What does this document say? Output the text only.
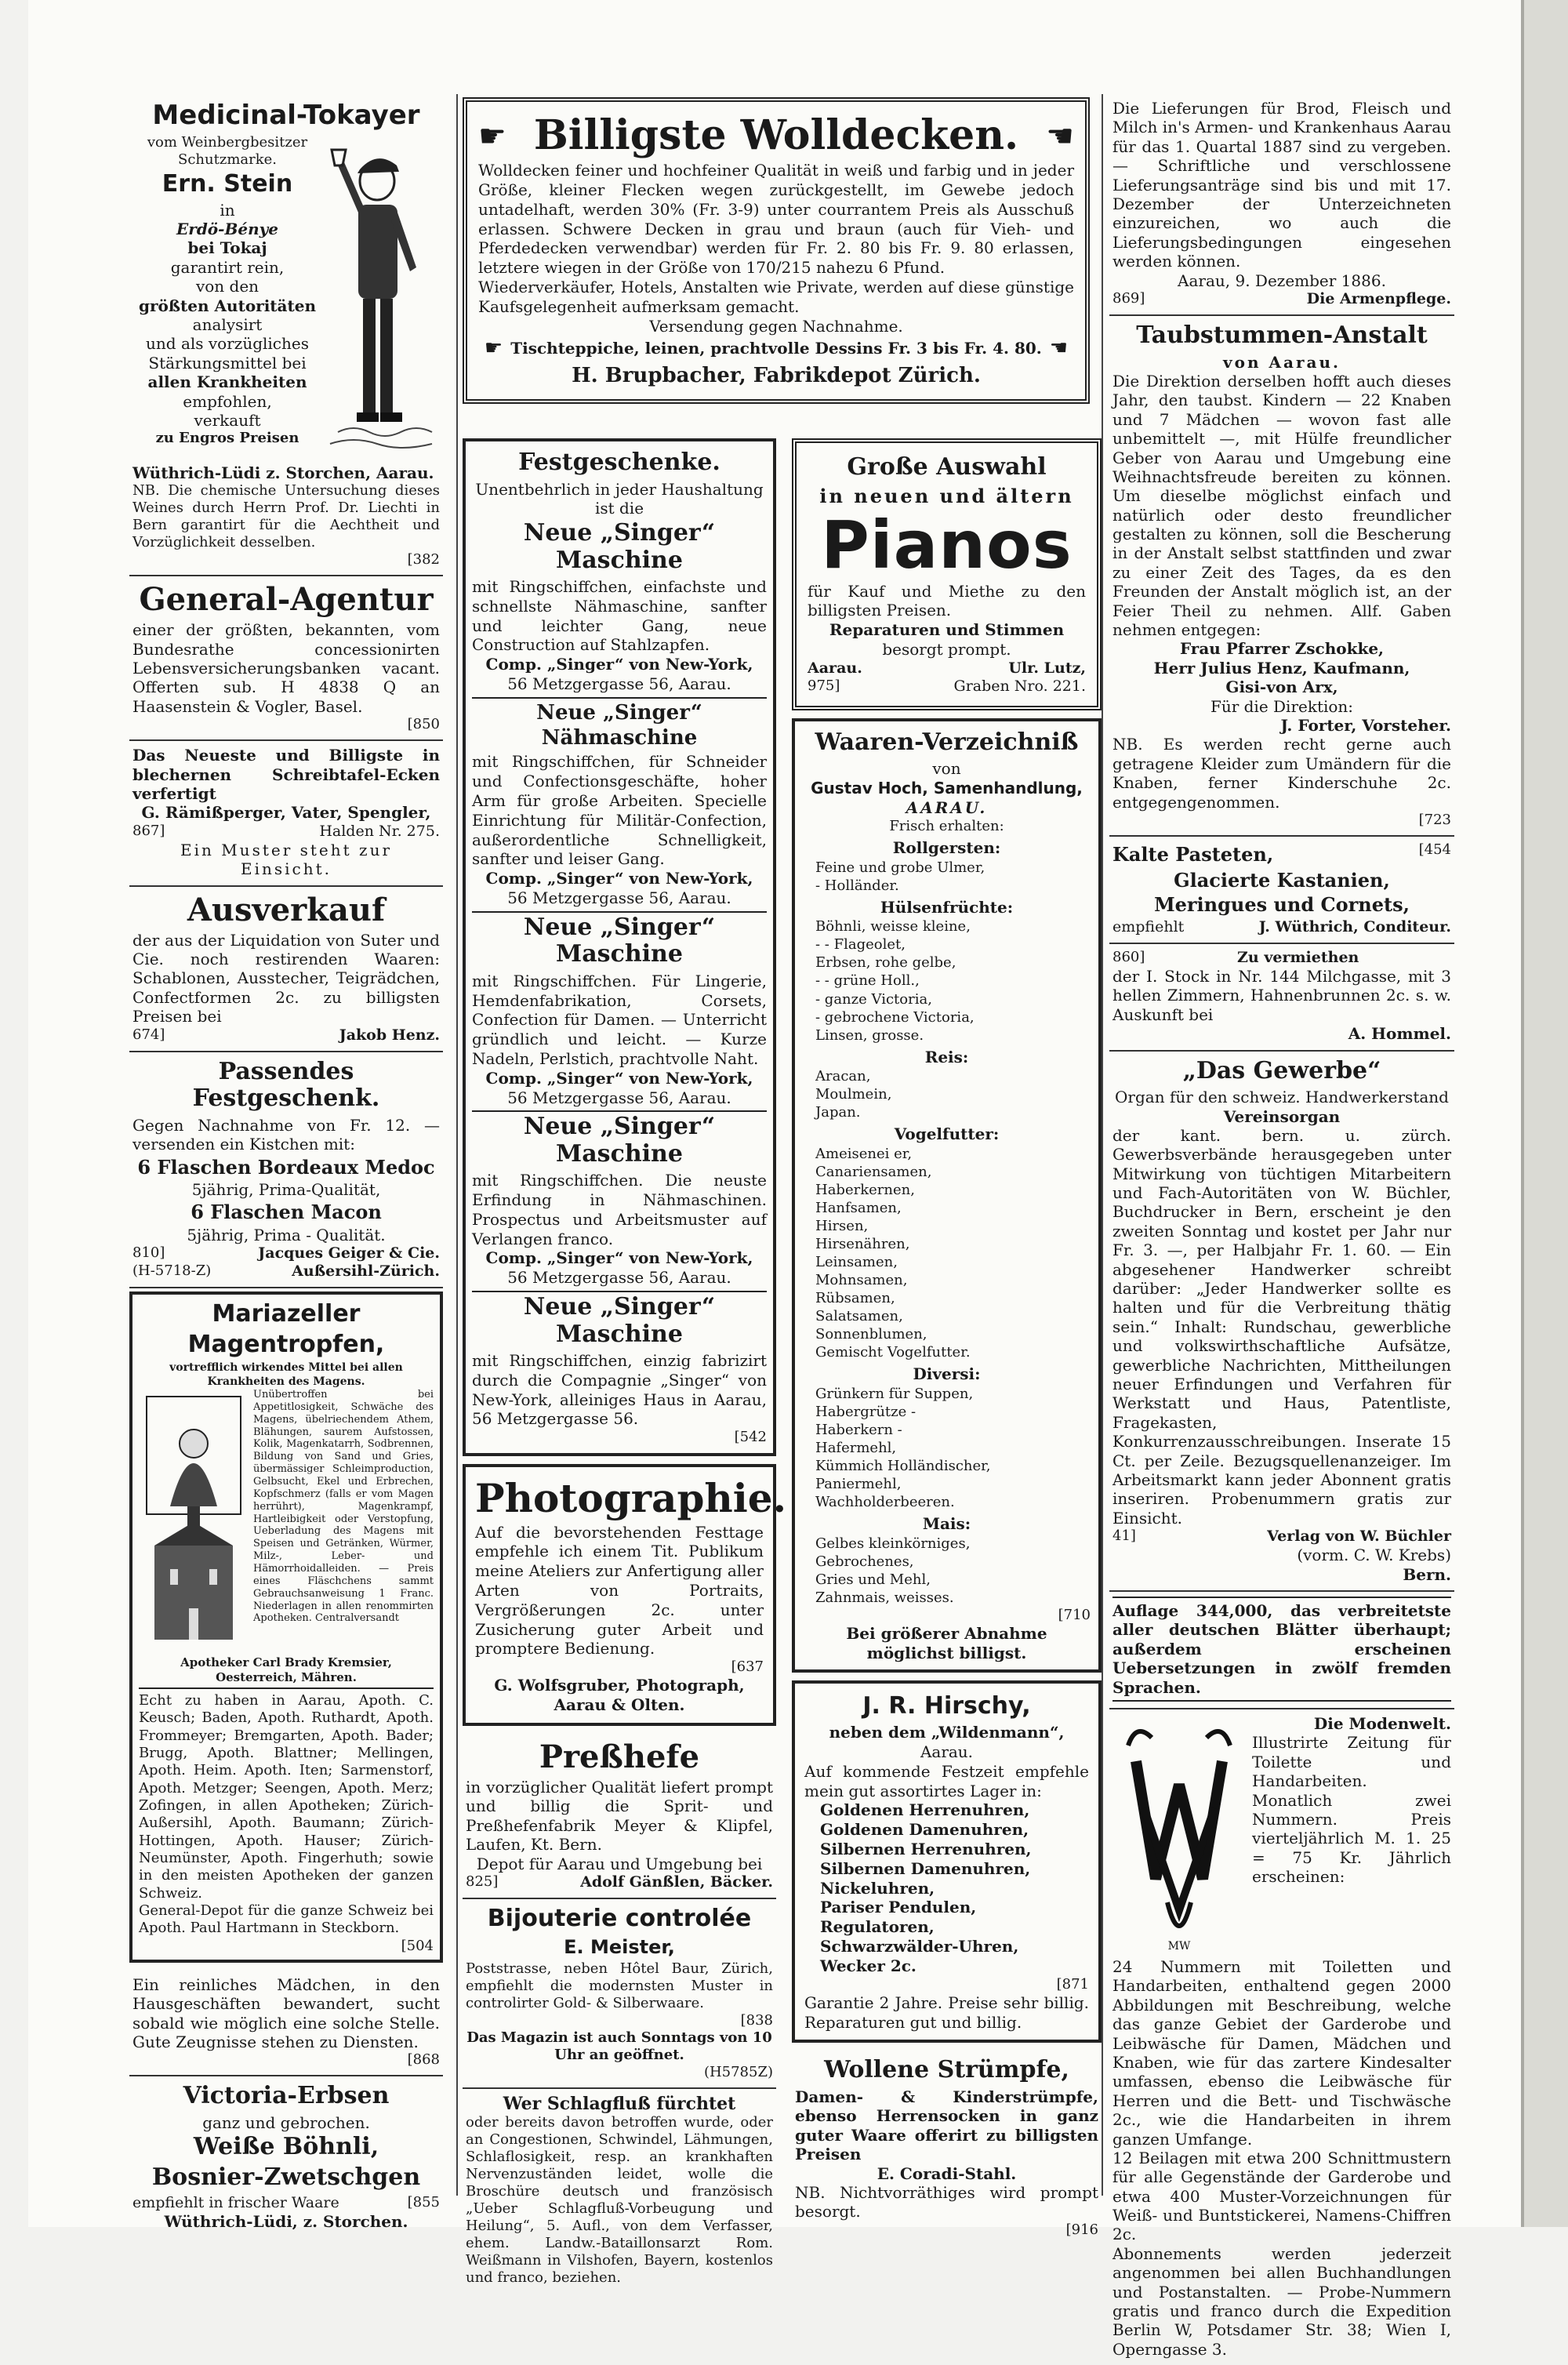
Medicinal-Tokayer
vom Weinbergbesitzer Schutzmarke.
Ern. Stein
in
Erdö-Bénye
bei Tokaj
garantirt rein,
von den
größten Autoritäten
analysirt
und als vorzügliches
Stärkungsmittel bei
allen Krankheiten
empfohlen,
verkauft
zu Engros Preisen
Wüthrich-Lüdi z. Storchen, Aarau.
NB. Die chemische Untersuchung dieses Weines durch Herrn Prof. Dr. Liechti in Bern garantirt für die Aechtheit und Vorzüglichkeit desselben.
[382
General-Agentur
einer der größten, bekannten, vom Bundesrathe concessionirten Lebensversicherungsbanken vacant. Offerten sub. H 4838 Q an Haasenstein & Vogler, Basel.
[850
Das Neueste und Billigste in blechernen Schreibtafel-Ecken verfertigt
G. Rämißperger, Vater, Spengler,
867]	Halden Nr. 275.
Ein Muster steht zur Einsicht.
Ausverkauf
der aus der Liquidation von Suter und Cie. noch restirenden Waaren: Schablonen, Ausstecher, Teigrädchen, Confectformen 2c. zu billigsten Preisen bei
674]	Jakob Henz.
Passendes Festgeschenk.
Gegen Nachnahme von Fr. 12. — versenden ein Kistchen mit:
6 Flaschen Bordeaux Medoc
5jährig, Prima-Qualität,
6 Flaschen Macon
5jährig, Prima - Qualität.
810]	Jacques Geiger & Cie.
(H-5718-Z)	Außersihl-Zürich.
Mariazeller
Magentropfen,
vortrefflich wirkendes Mittel bei allen Krankheiten des Magens.
Unübertroffen bei Appetitlosigkeit, Schwäche des Magens, übelriechendem Athem, Blähungen, saurem Aufstossen, Kolik, Magenkatarrh, Sodbrennen, Bildung von Sand und Gries, übermässiger Schleimproduction, Gelbsucht, Ekel und Erbrechen, Kopfschmerz (falls er vom Magen herrührt), Magenkrampf, Hartleibigkeit oder Verstopfung, Ueberladung des Magens mit Speisen und Getränken, Würmer, Milz-, Leber- und Hämorrhoidalleiden. — Preis eines Fläschchens sammt Gebrauchsanweisung 1 Franc. Niederlagen in allen renommirten Apotheken. Centralversandt
Apotheker Carl Brady Kremsier, Oesterreich, Mähren.
Echt zu haben in Aarau, Apoth. C. Keusch; Baden, Apoth. Ruthardt, Apoth. Frommeyer; Bremgarten, Apoth. Bader; Brugg, Apoth. Blattner; Mellingen, Apoth. Heim. Apoth. Iten; Sarmenstorf, Apoth. Metzger; Seengen, Apoth. Merz; Zofingen, in allen Apotheken; Zürich-Außersihl, Apoth. Baumann; Zürich-Hottingen, Apoth. Hauser; Zürich-Neumünster, Apoth. Fingerhuth; sowie in den meisten Apotheken der ganzen Schweiz.
General-Depot für die ganze Schweiz bei Apoth. Paul Hartmann in Steckborn.
[504
Ein reinliches Mädchen, in den Hausgeschäften bewandert, sucht sobald wie möglich eine solche Stelle. Gute Zeugnisse stehen zu Diensten.
[868
Victoria-Erbsen
ganz und gebrochen.
Weiße Böhnli,
Bosnier-Zwetschgen
empfiehlt in frischer Waare	[855
Wüthrich-Lüdi, z. Storchen.
☛ Billigste Wolldecken. ☚
Wolldecken feiner und hochfeiner Qualität in weiß und farbig und in jeder Größe, kleiner Flecken wegen zurückgestellt, im Gewebe jedoch untadelhaft, werden 30% (Fr. 3-9) unter courrantem Preis als Ausschuß erlassen. Schwere Decken in grau und braun (auch für Vieh- und Pferdedecken verwendbar) werden für Fr. 2. 80 bis Fr. 9. 80 erlassen, letztere wiegen in der Größe von 170/215 nahezu 6 Pfund.
Wiederverkäufer, Hotels, Anstalten wie Private, werden auf diese günstige Kaufsgelegenheit aufmerksam gemacht.
Versendung gegen Nachnahme.
☛ Tischteppiche, leinen, prachtvolle Dessins Fr. 3 bis Fr. 4. 80. ☚
H. Brupbacher, Fabrikdepot Zürich.
Festgeschenke.
Unentbehrlich in jeder Haushaltung ist die
Neue „Singer“ Maschine
mit Ringschiffchen, einfachste und schnellste Nähmaschine, sanfter und leichter Gang, neue Construction auf Stahlzapfen.
Comp. „Singer“ von New-York,
56 Metzgergasse 56, Aarau.
Neue „Singer“ Nähmaschine
mit Ringschiffchen, für Schneider und Confectionsgeschäfte, hoher Arm für große Arbeiten. Specielle Einrichtung für Militär-Confection, außerordentliche Schnelligkeit, sanfter und leiser Gang.
Comp. „Singer“ von New-York,
56 Metzgergasse 56, Aarau.
Neue „Singer“ Maschine
mit Ringschiffchen. Für Lingerie, Hemdenfabrikation, Corsets, Confection für Damen. — Unterricht gründlich und leicht. — Kurze Nadeln, Perlstich, prachtvolle Naht.
Comp. „Singer“ von New-York,
56 Metzgergasse 56, Aarau.
Neue „Singer“ Maschine
mit Ringschiffchen. Die neuste Erfindung in Nähmaschinen. Prospectus und Arbeitsmuster auf Verlangen franco.
Comp. „Singer“ von New-York,
56 Metzgergasse 56, Aarau.
Neue „Singer“ Maschine
mit Ringschiffchen, einzig fabrizirt durch die Compagnie „Singer“ von New-York, alleiniges Haus in Aarau, 56 Metzgergasse 56.
[542
Photographie.
Auf die bevorstehenden Festtage empfehle ich einem Tit. Publikum meine Ateliers zur Anfertigung aller Arten von Portraits, Vergrößerungen 2c. unter Zusicherung guter Arbeit und promptere Bedienung.
[637
G. Wolfsgruber, Photograph,
Aarau & Olten.
Preßhefe
in vorzüglicher Qualität liefert prompt und billig die Sprit- und Preßhefenfabrik Meyer & Klipfel, Laufen, Kt. Bern.
Depot für Aarau und Umgebung bei
825]	Adolf Gänßlen, Bäcker.
Bijouterie controlée
E. Meister,
Poststrasse, neben Hôtel Baur, Zürich, empfiehlt die modernsten Muster in controlirter Gold- & Silberwaare.
[838
Das Magazin ist auch Sonntags von 10 Uhr an geöffnet.
(H5785Z)
Wer Schlagfluß fürchtet
oder bereits davon betroffen wurde, oder an Congestionen, Schwindel, Lähmungen, Schlaflosigkeit, resp. an krankhaften Nervenzuständen leidet, wolle die Broschüre deutsch und französisch „Ueber Schlagfluß-Vorbeugung und Heilung“, 5. Aufl., von dem Verfasser, ehem. Landw.-Bataillonsarzt Rom. Weißmann in Vilshofen, Bayern, kostenlos und franco, beziehen.
Große Auswahl
in neuen und ältern
Pianos
für Kauf und Miethe zu den billigsten Preisen.
Reparaturen und Stimmen
besorgt prompt.
Aarau.	Ulr. Lutz,
975]	Graben Nro. 221.
Waaren-Verzeichniß
von
Gustav Hoch, Samenhandlung,
AARAU.
Frisch erhalten:
Rollgersten:
Feine und grobe Ulmer,
- Holländer.
Hülsenfrüchte:
Böhnli, weisse kleine,
- - Flageolet,
Erbsen, rohe gelbe,
- - grüne Holl.,
- ganze Victoria,
- gebrochene Victoria,
Linsen, grosse.
Reis:
Aracan,
Moulmein,
Japan.
Vogelfutter:
Ameisenei er,
Canariensamen,
Haberkernen,
Hanfsamen,
Hirsen,
Hirsenähren,
Leinsamen,
Mohnsamen,
Rübsamen,
Salatsamen,
Sonnenblumen,
Gemischt Vogelfutter.
Diversi:
Grünkern für Suppen,
Habergrütze -
Haberkern -
Hafermehl,
Kümmich Holländischer,
Paniermehl,
Wachholderbeeren.
Mais:
Gelbes kleinkörniges,
Gebrochenes,
Gries und Mehl,
Zahnmais, weisses.
[710
Bei größerer Abnahme möglichst billigst.
J. R. Hirschy,
neben dem „Wildenmann“,
Aarau.
Auf kommende Festzeit empfehle mein gut assortirtes Lager in:
Goldenen Herrenuhren,
Goldenen Damenuhren,
Silbernen Herrenuhren,
Silbernen Damenuhren,
Nickeluhren,
Pariser Pendulen,
Regulatoren,
Schwarzwälder-Uhren,
Wecker 2c.
[871
Garantie 2 Jahre. Preise sehr billig. Reparaturen gut und billig.
Wollene Strümpfe,
Damen- & Kinderstrümpfe, ebenso Herrensocken in ganz guter Waare offerirt zu billigsten Preisen
E. Coradi-Stahl.
NB. Nichtvorräthiges wird prompt besorgt.
[916
Die Lieferungen für Brod, Fleisch und Milch in's Armen- und Krankenhaus Aarau für das 1. Quartal 1887 sind zu vergeben. — Schriftliche und verschlossene Lieferungsanträge sind bis und mit 17. Dezember der Unterzeichneten einzureichen, wo auch die Lieferungsbedingungen eingesehen werden können.
Aarau, 9. Dezember 1886.
869]	Die Armenpflege.
Taubstummen-Anstalt
von Aarau.
Die Direktion derselben hofft auch dieses Jahr, den taubst. Kindern — 22 Knaben und 7 Mädchen — wovon fast alle unbemittelt —, mit Hülfe freundlicher Geber von Aarau und Umgebung eine Weihnachtsfreude bereiten zu können. Um dieselbe möglichst einfach und natürlich oder desto freundlicher gestalten zu können, soll die Bescherung in der Anstalt selbst stattfinden und zwar zu einer Zeit des Tages, da es den Freunden der Anstalt möglich ist, an der Feier Theil zu nehmen. Allf. Gaben nehmen entgegen:
Frau Pfarrer Zschokke,
Herr Julius Henz, Kaufmann,
Gisi-von Arx,
Für die Direktion:
J. Forter, Vorsteher.
NB. Es werden recht gerne auch getragene Kleider zum Umändern für die Knaben, ferner Kinderschuhe 2c. entgegengenommen.
[723
Kalte Pasteten,	[454
Glacierte Kastanien,
Meringues und Cornets,
empfiehlt	J. Wüthrich, Conditeur.
860]	Zu vermiethen
der I. Stock in Nr. 144 Milchgasse, mit 3 hellen Zimmern, Hahnenbrunnen 2c. s. w. Auskunft bei
A. Hommel.
„Das Gewerbe“
Organ für den schweiz. Handwerkerstand
Vereinsorgan
der kant. bern. u. zürch. Gewerbsverbände herausgegeben unter Mitwirkung von tüchtigen Mitarbeitern und Fach-Autoritäten von W. Büchler, Buchdrucker in Bern, erscheint je den zweiten Sonntag und kostet per Jahr nur Fr. 3. —, per Halbjahr Fr. 1. 60. — Ein abgesehener Handwerker schreibt darüber: „Jeder Handwerker sollte es halten und für die Verbreitung thätig sein.“ Inhalt: Rundschau, gewerbliche und volkswirthschaftliche Aufsätze, gewerbliche Nachrichten, Mittheilungen neuer Erfindungen und Verfahren für Werkstatt und Haus, Patentliste, Fragekasten, Konkurrenzausschreibungen. Inserate 15 Ct. per Zeile. Bezugsquellenanzeiger. Im Arbeitsmarkt kann jeder Abonnent gratis inseriren. Probenummern gratis zur Einsicht.
41]	Verlag von W. Büchler
(vorm. C. W. Krebs)
Bern.
Auflage 344,000, das verbreitetste aller deutschen Blätter überhaupt; außerdem erscheinen Uebersetzungen in zwölf fremden Sprachen.
MW
Die Modenwelt.
Illustrirte Zeitung für Toilette und Handarbeiten. Monatlich zwei Nummern. Preis vierteljährlich M. 1. 25 = 75 Kr. Jährlich erscheinen:
24 Nummern mit Toiletten und Handarbeiten, enthaltend gegen 2000 Abbildungen mit Beschreibung, welche das ganze Gebiet der Garderobe und Leibwäsche für Damen, Mädchen und Knaben, wie für das zartere Kindesalter umfassen, ebenso die Leibwäsche für Herren und die Bett- und Tischwäsche 2c., wie die Handarbeiten in ihrem ganzen Umfange.
12 Beilagen mit etwa 200 Schnittmustern für alle Gegenstände der Garderobe und etwa 400 Muster-Vorzeichnungen für Weiß- und Buntstickerei, Namens-Chiffren 2c.
Abonnements werden jederzeit angenommen bei allen Buchhandlungen und Postanstalten. — Probe-Nummern gratis und franco durch die Expedition Berlin W, Potsdamer Str. 38; Wien I, Operngasse 3.
